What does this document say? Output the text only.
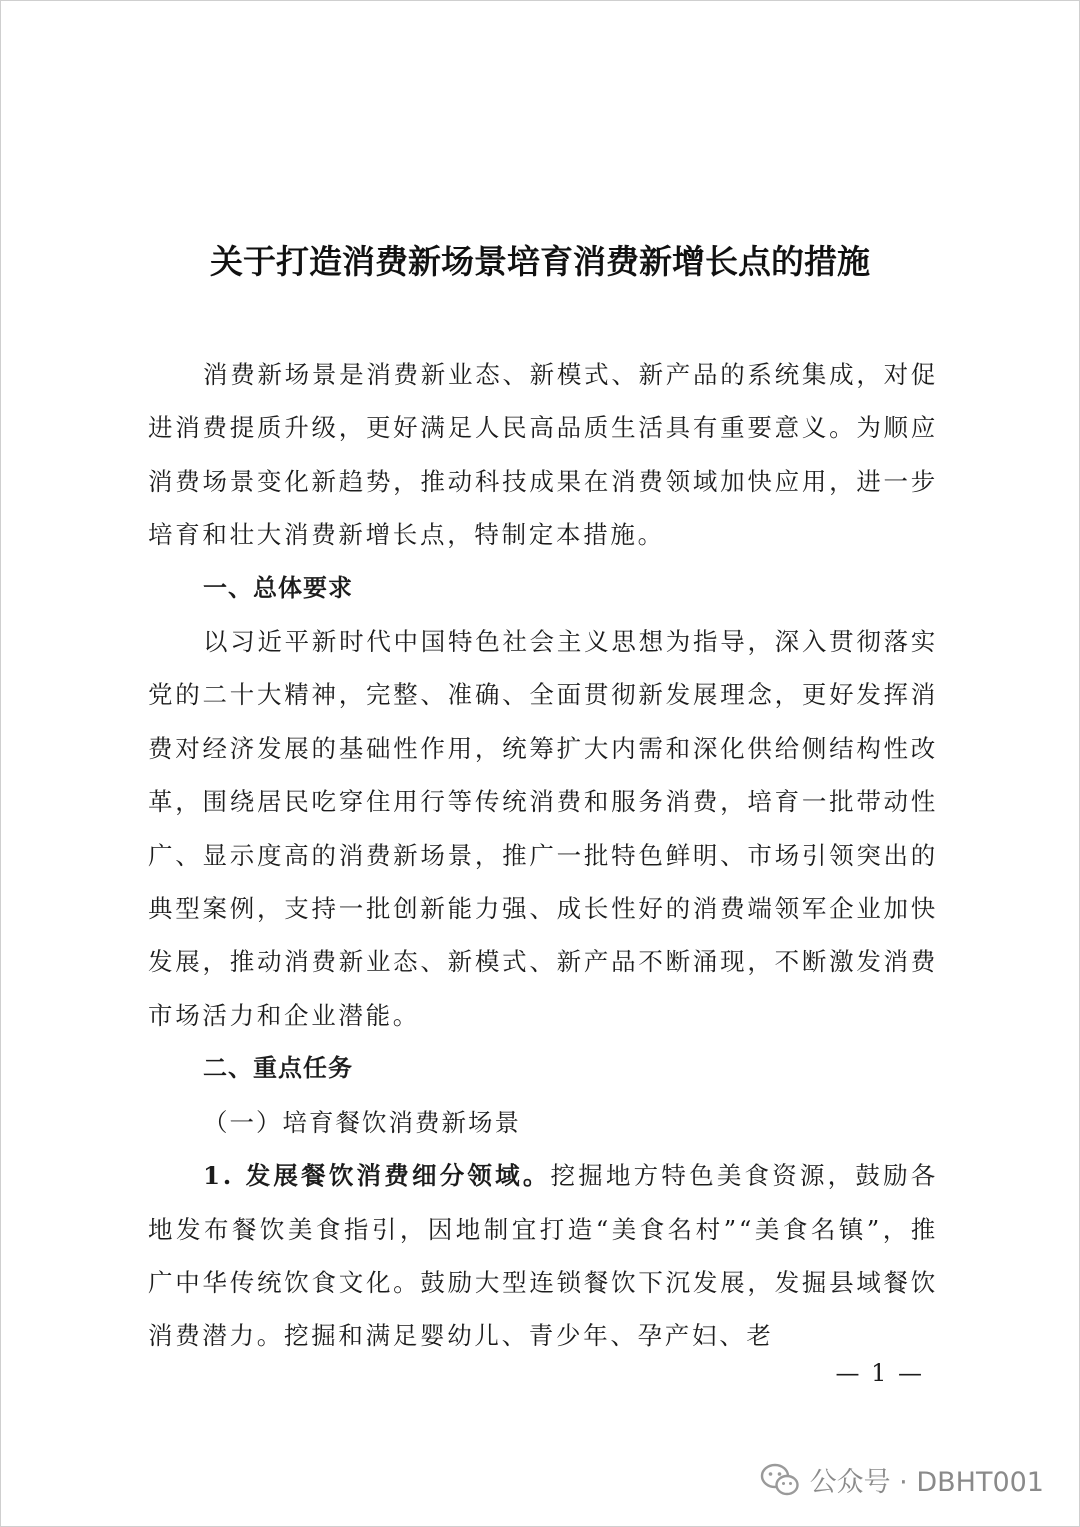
关于打造消费新场景培育消费新增长点的措施

消费新场景是消费新业态、新模式、新产品的系统集成，对促进消费提质升级，更好满足人民高品质生活具有重要意义。为顺应消费场景变化新趋势，推动科技成果在消费领域加快应用，进一步培育和壮大消费新增长点，特制定本措施。

一、总体要求

以习近平新时代中国特色社会主义思想为指导，深入贯彻落实党的二十大精神，完整、准确、全面贯彻新发展理念，更好发挥消费对经济发展的基础性作用，统筹扩大内需和深化供给侧结构性改革，围绕居民吃穿住用行等传统消费和服务消费，培育一批带动性广、显示度高的消费新场景，推广一批特色鲜明、市场引领突出的典型案例，支持一批创新能力强、成长性好的消费端领军企业加快发展，推动消费新业态、新模式、新产品不断涌现，不断激发消费市场活力和企业潜能。

二、重点任务

（一）培育餐饮消费新场景

1. 发展餐饮消费细分领域。挖掘地方特色美食资源，鼓励各地发布餐饮美食指引，因地制宜打造“美食名村”“美食名镇”，推广中华传统饮食文化。鼓励大型连锁餐饮下沉发展，发掘县域餐饮消费潜力。挖掘和满足婴幼儿、青少年、孕产妇、老

— 1 —
公众号 · DBHT001
